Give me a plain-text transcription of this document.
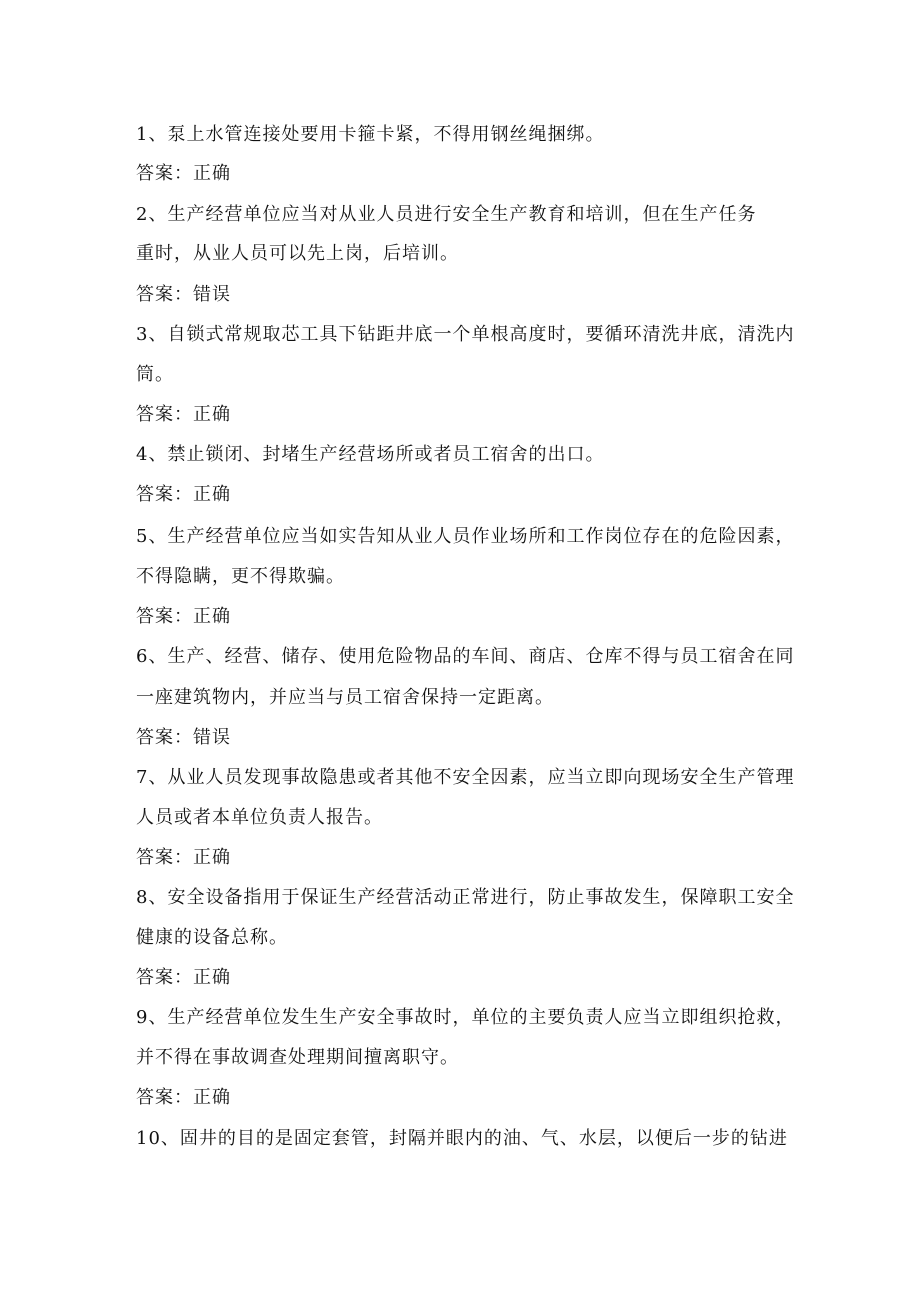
1、泵上水管连接处要用卡箍卡紧，不得用钢丝绳捆绑。
答案：正确
2、生产经营单位应当对从业人员进行安全生产教育和培训，但在生产任务
重时，从业人员可以先上岗，后培训。
答案：错误
3、自锁式常规取芯工具下钻距井底一个单根高度时，要循环清洗井底，清洗内
筒。
答案：正确
4、禁止锁闭、封堵生产经营场所或者员工宿舍的出口。
答案：正确
5、生产经营单位应当如实告知从业人员作业场所和工作岗位存在的危险因素，
不得隐瞒，更不得欺骗。
答案：正确
6、生产、经营、储存、使用危险物品的车间、商店、仓库不得与员工宿舍在同
一座建筑物内，并应当与员工宿舍保持一定距离。
答案：错误
7、从业人员发现事故隐患或者其他不安全因素，应当立即向现场安全生产管理
人员或者本单位负责人报告。
答案：正确
8、安全设备指用于保证生产经营活动正常进行，防止事故发生，保障职工安全
健康的设备总称。
答案：正确
9、生产经营单位发生生产安全事故时，单位的主要负责人应当立即组织抢救，
并不得在事故调查处理期间擅离职守。
答案：正确
10、固井的目的是固定套管，封隔并眼内的油、气、水层，以便后一步的钻进
